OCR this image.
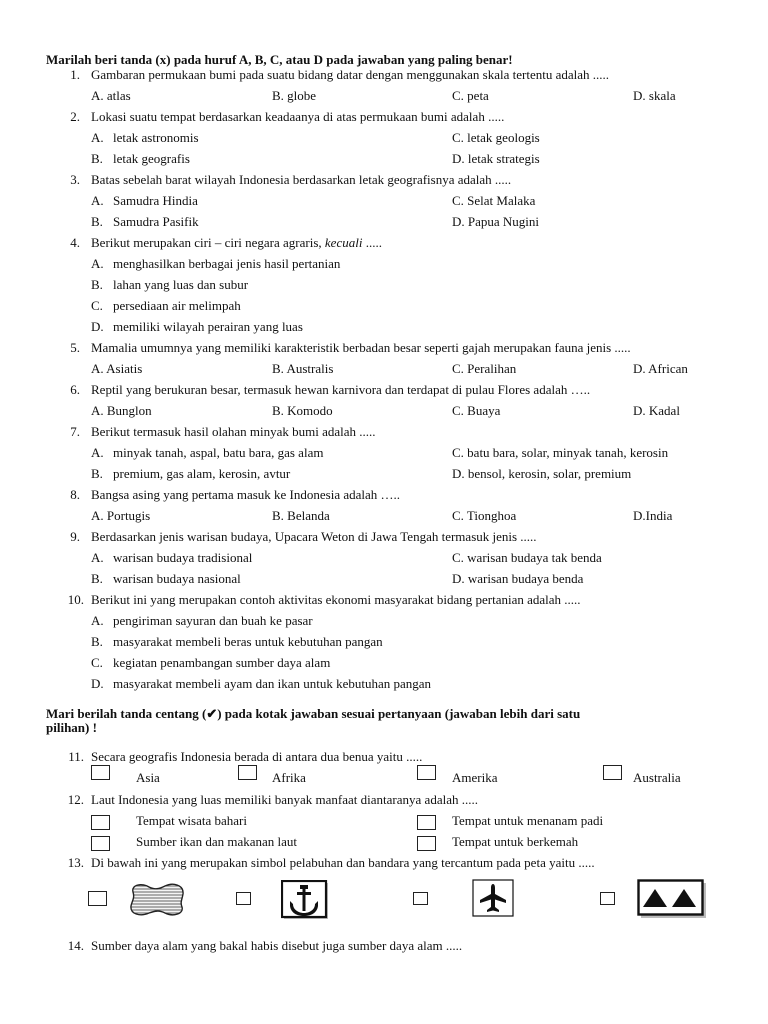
Marilah beri tanda (x) pada huruf A, B, C, atau D pada jawaban yang paling benar!
1. Gambaran permukaan bumi pada suatu bidang datar dengan menggunakan skala tertentu adalah .....
A. atlas	B. globe	C. peta	D. skala
2. Lokasi suatu tempat berdasarkan keadaanya di atas permukaan bumi adalah .....
A. letak astronomis	C. letak geologis
B. letak geografis	D. letak strategis
3. Batas sebelah barat wilayah Indonesia berdasarkan letak geografisnya adalah .....
A. Samudra Hindia	C. Selat Malaka
B. Samudra Pasifik	D. Papua Nugini
4. Berikut merupakan ciri – ciri negara agraris, kecuali .....
A. menghasilkan berbagai jenis hasil pertanian
B. lahan yang luas dan subur
C. persediaan air melimpah
D. memiliki wilayah perairan yang luas
5. Mamalia umumnya yang memiliki karakteristik berbadan besar seperti gajah merupakan fauna jenis .....
A. Asiatis	B. Australis	C. Peralihan	D. African
6. Reptil yang berukuran besar, termasuk hewan karnivora dan terdapat di pulau Flores adalah …..
A. Bunglon	B. Komodo	C. Buaya	D. Kadal
7. Berikut termasuk hasil olahan minyak bumi adalah .....
A. minyak tanah, aspal, batu bara, gas alam	C. batu bara, solar, minyak tanah, kerosin
B. premium, gas alam, kerosin, avtur	D. bensol, kerosin, solar, premium
8. Bangsa asing yang pertama masuk ke Indonesia adalah …..
A. Portugis	B. Belanda	C. Tionghoa	D.India
9. Berdasarkan jenis warisan budaya, Upacara Weton di Jawa Tengah termasuk jenis .....
A. warisan budaya tradisional	C. warisan budaya tak benda
B. warisan budaya nasional	D. warisan budaya benda
10. Berikut ini yang merupakan contoh aktivitas ekonomi masyarakat bidang pertanian adalah .....
A. pengiriman sayuran dan buah ke pasar
B. masyarakat membeli beras untuk kebutuhan pangan
C. kegiatan penambangan sumber daya alam
D. masyarakat membeli ayam dan ikan untuk kebutuhan pangan
Mari berilah tanda centang (✔) pada kotak jawaban sesuai pertanyaan (jawaban lebih dari satu
pilihan) !
11. Secara geografis Indonesia berada di antara dua benua yaitu .....
Asia	Afrika	Amerika	Australia
12. Laut Indonesia yang luas memiliki banyak manfaat diantaranya adalah .....
Tempat wisata bahari	Tempat untuk menanam padi
Sumber ikan dan makanan laut	Tempat untuk berkemah
13. Di bawah ini yang merupakan simbol pelabuhan dan bandara yang tercantum pada peta yaitu .....
14. Sumber daya alam yang bakal habis disebut juga sumber daya alam .....
